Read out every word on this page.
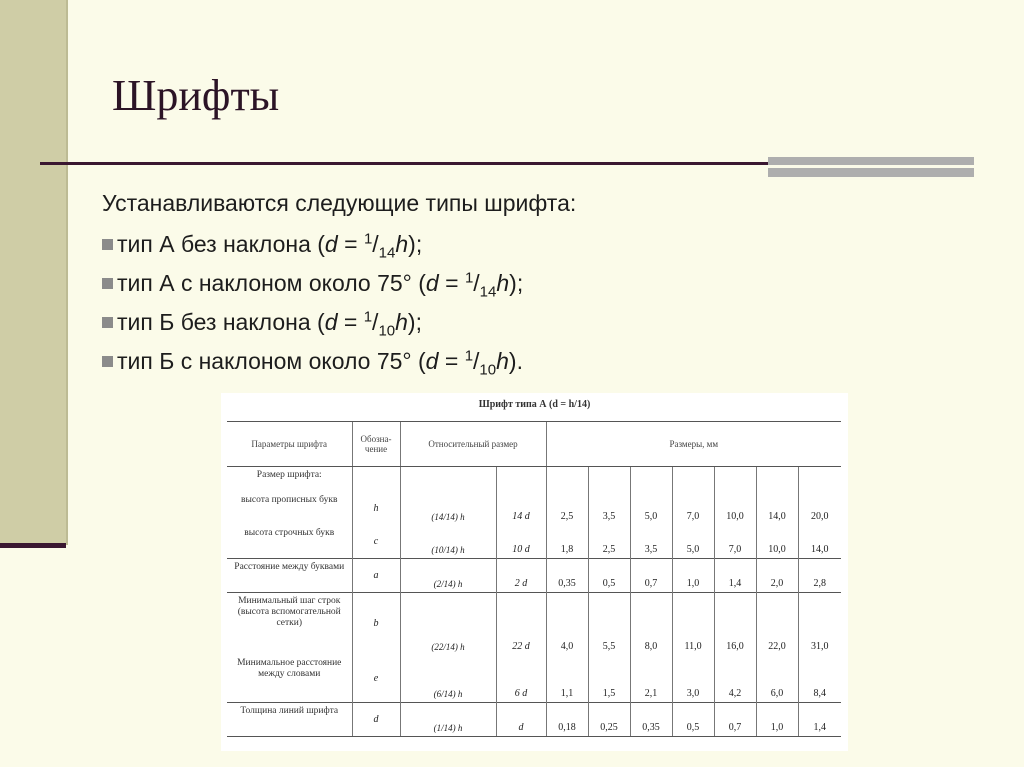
Шрифты

Устанавливаются следующие типы шрифта:

тип А без наклона $(d = ^1/_{14}h)$;
тип А с наклоном около 75° $(d = ^1/_{14}h)$;
тип Б без наклона $(d = ^1/_{10}h)$;
тип Б с наклоном около 75° $(d = ^1/_{10}h)$.
Шрифт типа А (d = h/14)
Параметры шрифта	Обозна-чение	Относительный размер		Размеры, мм						
Размер шрифта:										
высота прописных букв	h	(14/14) h	14 d	2,5	3,5	5,0	7,0	10,0	14,0	20,0
высота строчных букв	c	(10/14) h	10 d	1,8	2,5	3,5	5,0	7,0	10,0	14,0
Расстояние между буквами	a	(2/14) h	2 d	0,35	0,5	0,7	1,0	1,4	2,0	2,8
Минимальный шаг строк (высота вспомогательной сетки)	b	(22/14) h	22 d	4,0	5,5	8,0	11,0	16,0	22,0	31,0
Минимальное расстояние между словами	e	(6/14) h	6 d	1,1	1,5	2,1	3,0	4,2	6,0	8,4
Толщина линий шрифта	d	(1/14) h	d	0,18	0,25	0,35	0,5	0,7	1,0	1,4
